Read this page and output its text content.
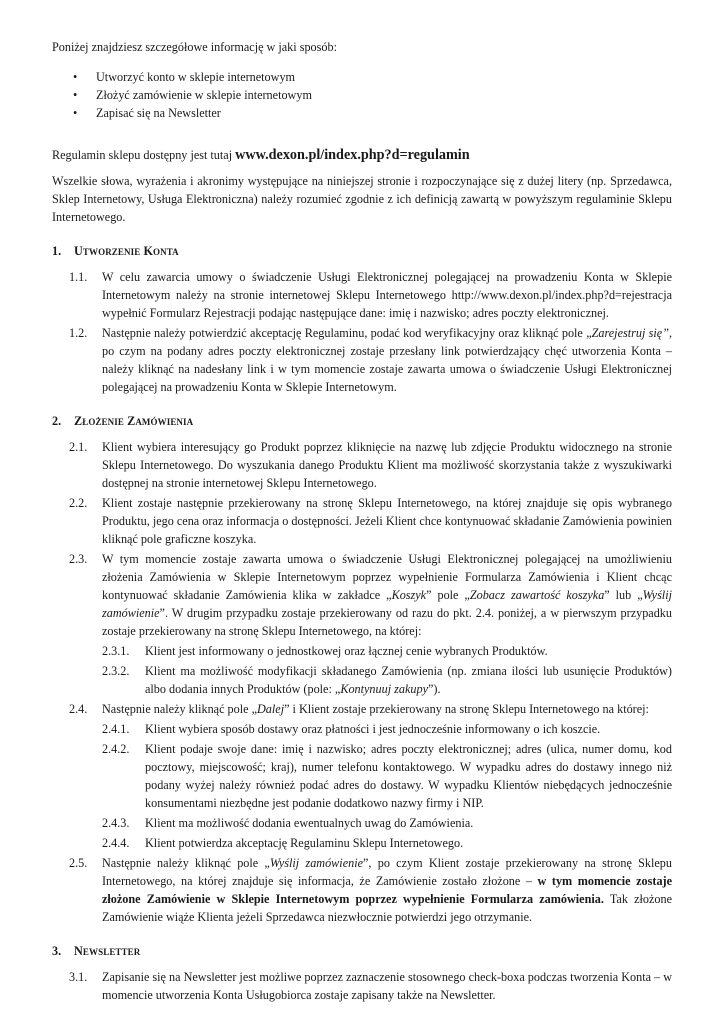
Poniżej znajdziesz szczegółowe informację w jaki sposób:

• Utworzyć konto w sklepie internetowym
• Złożyć zamówienie w sklepie internetowym
• Zapisać się na Newsletter

Regulamin sklepu dostępny jest tutaj www.dexon.pl/index.php?d=regulamin

Wszelkie słowa, wyrażenia i akronimy występujące na niniejszej stronie i rozpoczynające się z dużej litery (np. Sprzedawca, Sklep Internetowy, Usługa Elektroniczna) należy rozumieć zgodnie z ich definicją zawartą w powyższym regulaminie Sklepu Internetowego.

1. Utworzenie Konta
1.1.	W celu zawarcia umowy o świadczenie Usługi Elektronicznej polegającej na prowadzeniu Konta w Sklepie Internetowym należy na stronie internetowej Sklepu Internetowego http://www.dexon.pl/index.php?d=rejestracja wypełnić Formularz Rejestracji podając następujące dane: imię i nazwisko; adres poczty elektronicznej.
1.2.	Następnie należy potwierdzić akceptację Regulaminu, podać kod weryfikacyjny oraz kliknąć pole „Zarejestruj się”, po czym na podany adres poczty elektronicznej zostaje przesłany link potwierdzający chęć utworzenia Konta – należy kliknąć na nadesłany link i w tym momencie zostaje zawarta umowa o świadczenie Usługi Elektronicznej polegającej na prowadzeniu Konta w Sklepie Internetowym.
2. Złożenie Zamówienia
2.1.	Klient wybiera interesujący go Produkt poprzez kliknięcie na nazwę lub zdjęcie Produktu widocznego na stronie Sklepu Internetowego. Do wyszukania danego Produktu Klient ma możliwość skorzystania także z wyszukiwarki dostępnej na stronie internetowej Sklepu Internetowego.
2.2.	Klient zostaje następnie przekierowany na stronę Sklepu Internetowego, na której znajduje się opis wybranego Produktu, jego cena oraz informacja o dostępności. Jeżeli Klient chce kontynuować składanie Zamówienia powinien kliknąć pole graficzne koszyka.
2.3.	W tym momencie zostaje zawarta umowa o świadczenie Usługi Elektronicznej polegającej na umożliwieniu złożenia Zamówienia w Sklepie Internetowym poprzez wypełnienie Formularza Zamówienia i Klient chcąc kontynuować składanie Zamówienia klika w zakładce „Koszyk” pole „Zobacz zawartość koszyka” lub „Wyślij zamówienie”. W drugim przypadku zostaje przekierowany od razu do pkt. 2.4. poniżej, a w pierwszym przypadku zostaje przekierowany na stronę Sklepu Internetowego, na której:
2.3.1.	Klient jest informowany o jednostkowej oraz łącznej cenie wybranych Produktów.
2.3.2.	Klient ma możliwość modyfikacji składanego Zamówienia (np. zmiana ilości lub usunięcie Produktów) albo dodania innych Produktów (pole: „Kontynuuj zakupy”).
2.4.	Następnie należy kliknąć pole „Dalej” i Klient zostaje przekierowany na stronę Sklepu Internetowego na której:
2.4.1.	Klient wybiera sposób dostawy oraz płatności i jest jednocześnie informowany o ich koszcie.
2.4.2.	Klient podaje swoje dane: imię i nazwisko; adres poczty elektronicznej; adres (ulica, numer domu, kod pocztowy, miejscowość; kraj), numer telefonu kontaktowego. W wypadku adres do dostawy innego niż podany wyżej należy również podać adres do dostawy. W wypadku Klientów niebędących jednocześnie konsumentami niezbędne jest podanie dodatkowo nazwy firmy i NIP.
2.4.3.	Klient ma możliwość dodania ewentualnych uwag do Zamówienia.
2.4.4.	Klient potwierdza akceptację Regulaminu Sklepu Internetowego.
2.5.	Następnie należy kliknąć pole „Wyślij zamówienie”, po czym Klient zostaje przekierowany na stronę Sklepu Internetowego, na której znajduje się informacja, że Zamówienie zostało złożone – w tym momencie zostaje złożone Zamówienie w Sklepie Internetowym poprzez wypełnienie Formularza zamówienia. Tak złożone Zamówienie wiąże Klienta jeżeli Sprzedawca niezwłocznie potwierdzi jego otrzymanie.
3. Newsletter
3.1.	Zapisanie się na Newsletter jest możliwe poprzez zaznaczenie stosownego check-boxa podczas tworzenia Konta – w momencie utworzenia Konta Usługobiorca zostaje zapisany także na Newsletter.
